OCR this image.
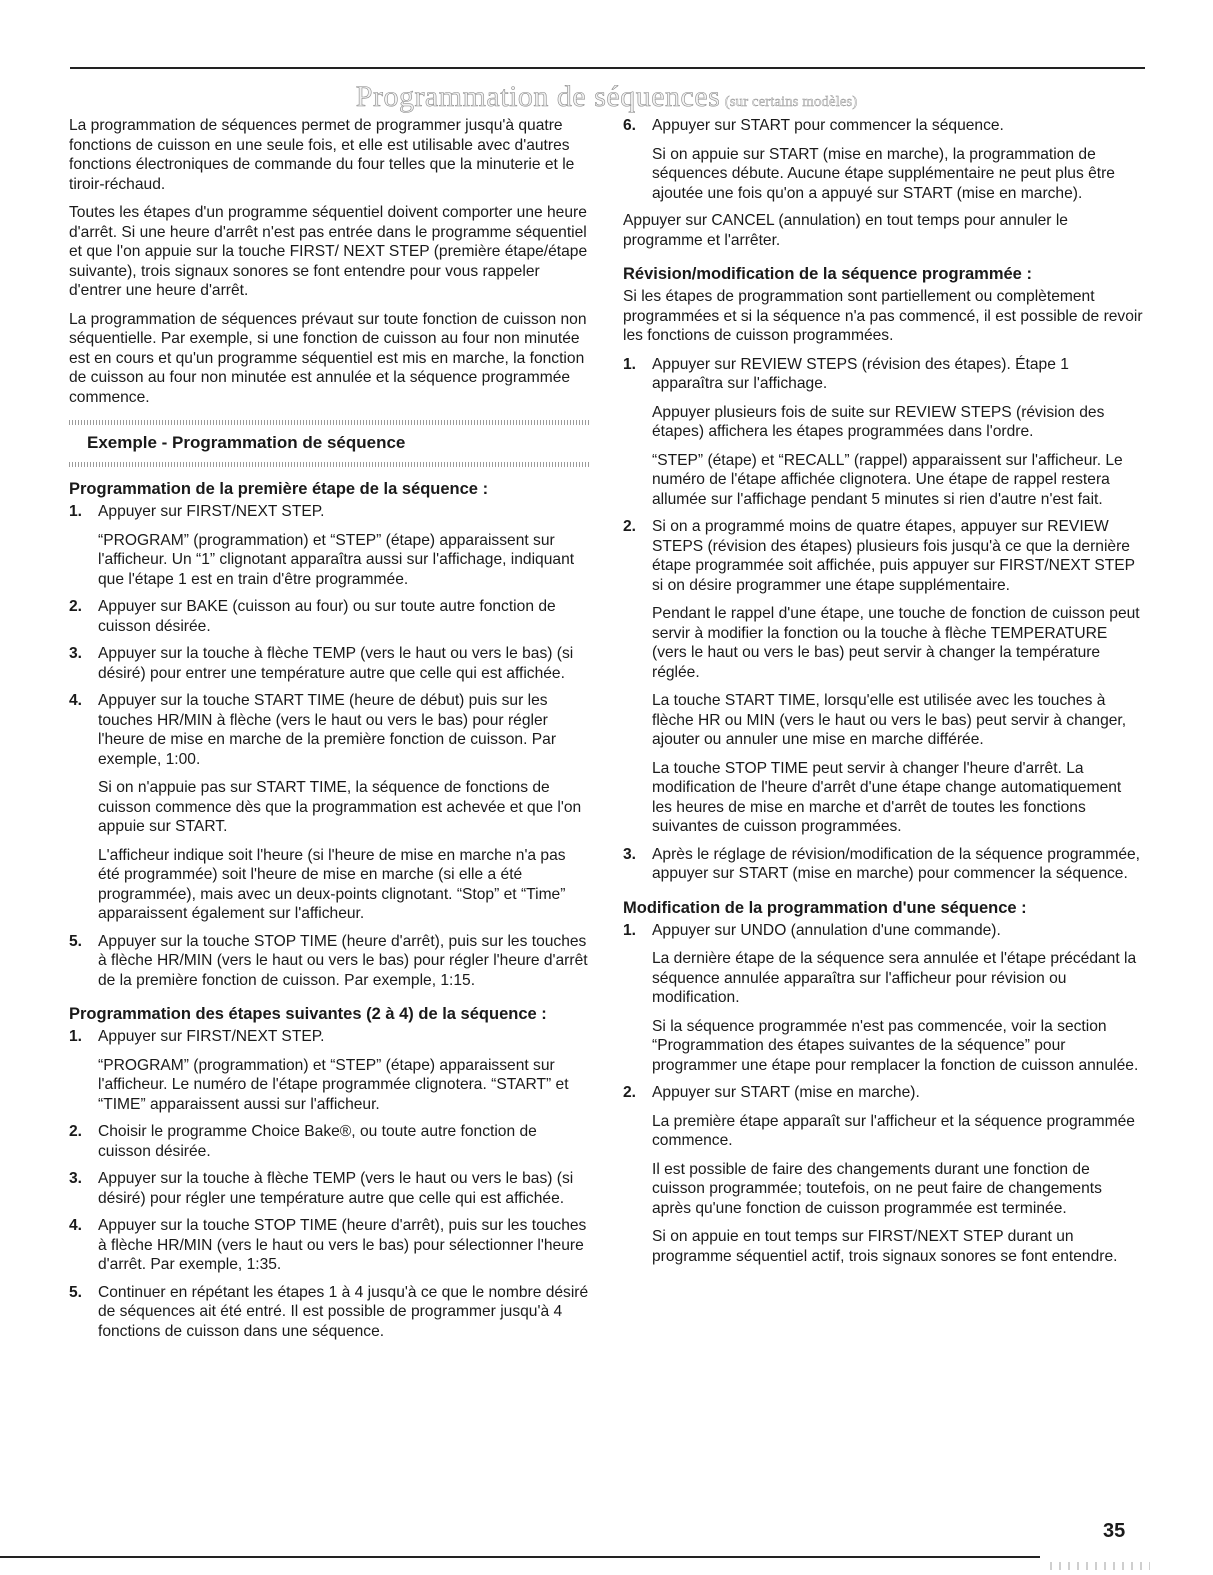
Programmation de séquences (sur certains modèles)

La programmation de séquences permet de programmer jusqu'à quatre fonctions de cuisson en une seule fois, et elle est utilisable avec d'autres fonctions électroniques de commande du four telles que la minuterie et le tiroir-réchaud.

Toutes les étapes d'un programme séquentiel doivent comporter une heure d'arrêt. Si une heure d'arrêt n'est pas entrée dans le programme séquentiel et que l'on appuie sur la touche FIRST/ NEXT STEP (première étape/étape suivante), trois signaux sonores se font entendre pour vous rappeler d'entrer une heure d'arrêt.

La programmation de séquences prévaut sur toute fonction de cuisson non séquentielle. Par exemple, si une fonction de cuisson au four non minutée est en cours et qu'un programme séquentiel est mis en marche, la fonction de cuisson au four non minutée est annulée et la séquence programmée commence.

Exemple - Programmation de séquence
Programmation de la première étape de la séquence :
1. Appuyer sur FIRST/NEXT STEP.

“PROGRAM” (programmation) et “STEP” (étape) apparaissent sur l'afficheur. Un “1” clignotant apparaîtra aussi sur l'affichage, indiquant que l'étape 1 est en train d'être programmée.

2. Appuyer sur BAKE (cuisson au four) ou sur toute autre fonction de cuisson désirée.

3. Appuyer sur la touche à flèche TEMP (vers le haut ou vers le bas) (si désiré) pour entrer une température autre que celle qui est affichée.

4. Appuyer sur la touche START TIME (heure de début) puis sur les touches HR/MIN à flèche (vers le haut ou vers le bas) pour régler l'heure de mise en marche de la première fonction de cuisson. Par exemple, 1:00.

Si on n'appuie pas sur START TIME, la séquence de fonctions de cuisson commence dès que la programmation est achevée et que l'on appuie sur START.

L'afficheur indique soit l'heure (si l'heure de mise en marche n'a pas été programmée) soit l'heure de mise en marche (si elle a été programmée), mais avec un deux-points clignotant. “Stop” et “Time” apparaissent également sur l'afficheur.

5. Appuyer sur la touche STOP TIME (heure d'arrêt), puis sur les touches à flèche HR/MIN (vers le haut ou vers le bas) pour régler l'heure d'arrêt de la première fonction de cuisson. Par exemple, 1:15.

Programmation des étapes suivantes (2 à 4) de la séquence :
1. Appuyer sur FIRST/NEXT STEP.

“PROGRAM” (programmation) et “STEP” (étape) apparaissent sur l'afficheur. Le numéro de l'étape programmée clignotera. “START” et “TIME” apparaissent aussi sur l'afficheur.

2. Choisir le programme Choice Bake®, ou toute autre fonction de cuisson désirée.

3. Appuyer sur la touche à flèche TEMP (vers le haut ou vers le bas) (si désiré) pour régler une température autre que celle qui est affichée.

4. Appuyer sur la touche STOP TIME (heure d'arrêt), puis sur les touches à flèche HR/MIN (vers le haut ou vers le bas) pour sélectionner l'heure d'arrêt. Par exemple, 1:35.

5. Continuer en répétant les étapes 1 à 4 jusqu'à ce que le nombre désiré de séquences ait été entré. Il est possible de programmer jusqu'à 4 fonctions de cuisson dans une séquence.

6. Appuyer sur START pour commencer la séquence.

Si on appuie sur START (mise en marche), la programmation de séquences débute. Aucune étape supplémentaire ne peut plus être ajoutée une fois qu'on a appuyé sur START (mise en marche).

Appuyer sur CANCEL (annulation) en tout temps pour annuler le programme et l'arrêter.

Révision/modification de la séquence programmée :

Si les étapes de programmation sont partiellement ou complètement programmées et si la séquence n'a pas commencé, il est possible de revoir les fonctions de cuisson programmées.

1. Appuyer sur REVIEW STEPS (révision des étapes). Étape 1 apparaîtra sur l'affichage.

Appuyer plusieurs fois de suite sur REVIEW STEPS (révision des étapes) affichera les étapes programmées dans l'ordre.

“STEP” (étape) et “RECALL” (rappel) apparaissent sur l'afficheur. Le numéro de l'étape affichée clignotera. Une étape de rappel restera allumée sur l'affichage pendant 5 minutes si rien d'autre n'est fait.

2. Si on a programmé moins de quatre étapes, appuyer sur REVIEW STEPS (révision des étapes) plusieurs fois jusqu'à ce que la dernière étape programmée soit affichée, puis appuyer sur FIRST/NEXT STEP si on désire programmer une étape supplémentaire.

Pendant le rappel d'une étape, une touche de fonction de cuisson peut servir à modifier la fonction ou la touche à flèche TEMPERATURE (vers le haut ou vers le bas) peut servir à changer la température réglée.

La touche START TIME, lorsqu'elle est utilisée avec les touches à flèche HR ou MIN (vers le haut ou vers le bas) peut servir à changer, ajouter ou annuler une mise en marche différée.

La touche STOP TIME peut servir à changer l'heure d'arrêt. La modification de l'heure d'arrêt d'une étape change automatiquement les heures de mise en marche et d'arrêt de toutes les fonctions suivantes de cuisson programmées.

3. Après le réglage de révision/modification de la séquence programmée, appuyer sur START (mise en marche) pour commencer la séquence.

Modification de la programmation d'une séquence :
1. Appuyer sur UNDO (annulation d'une commande).

La dernière étape de la séquence sera annulée et l'étape précédant la séquence annulée apparaîtra sur l'afficheur pour révision ou modification.

Si la séquence programmée n'est pas commencée, voir la section “Programmation des étapes suivantes de la séquence” pour programmer une étape pour remplacer la fonction de cuisson annulée.

2. Appuyer sur START (mise en marche).

La première étape apparaît sur l'afficheur et la séquence programmée commence.

Il est possible de faire des changements durant une fonction de cuisson programmée; toutefois, on ne peut faire de changements après qu'une fonction de cuisson programmée est terminée.

Si on appuie en tout temps sur FIRST/NEXT STEP durant un programme séquentiel actif, trois signaux sonores se font entendre.

35
